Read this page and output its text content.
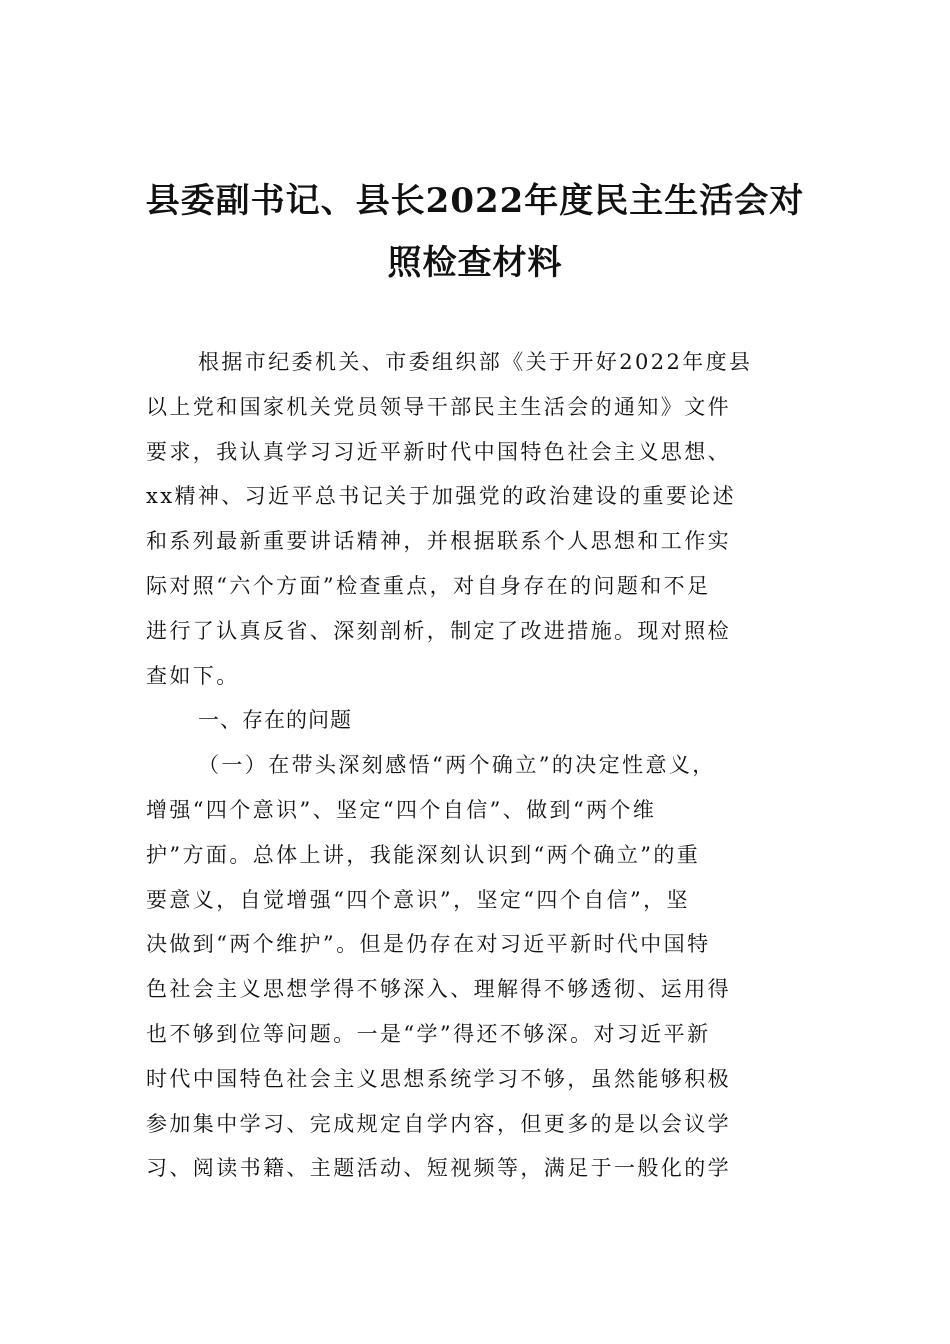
县委副书记、县长2022年度民主生活会对
照检查材料
根据市纪委机关、市委组织部《关于开好2022年度县
以上党和国家机关党员领导干部民主生活会的通知》文件
要求，我认真学习习近平新时代中国特色社会主义思想、
xx精神、习近平总书记关于加强党的政治建设的重要论述
和系列最新重要讲话精神，并根据联系个人思想和工作实
际对照“六个方面”检查重点，对自身存在的问题和不足
进行了认真反省、深刻剖析，制定了改进措施。现对照检
查如下。
一、存在的问题
（一）在带头深刻感悟“两个确立”的决定性意义，
增强“四个意识”、坚定“四个自信”、做到“两个维
护”方面。总体上讲，我能深刻认识到“两个确立”的重
要意义，自觉增强“四个意识”，坚定“四个自信”，坚
决做到“两个维护”。但是仍存在对习近平新时代中国特
色社会主义思想学得不够深入、理解得不够透彻、运用得
也不够到位等问题。一是“学”得还不够深。对习近平新
时代中国特色社会主义思想系统学习不够，虽然能够积极
参加集中学习、完成规定自学内容，但更多的是以会议学
习、阅读书籍、主题活动、短视频等，满足于一般化的学
